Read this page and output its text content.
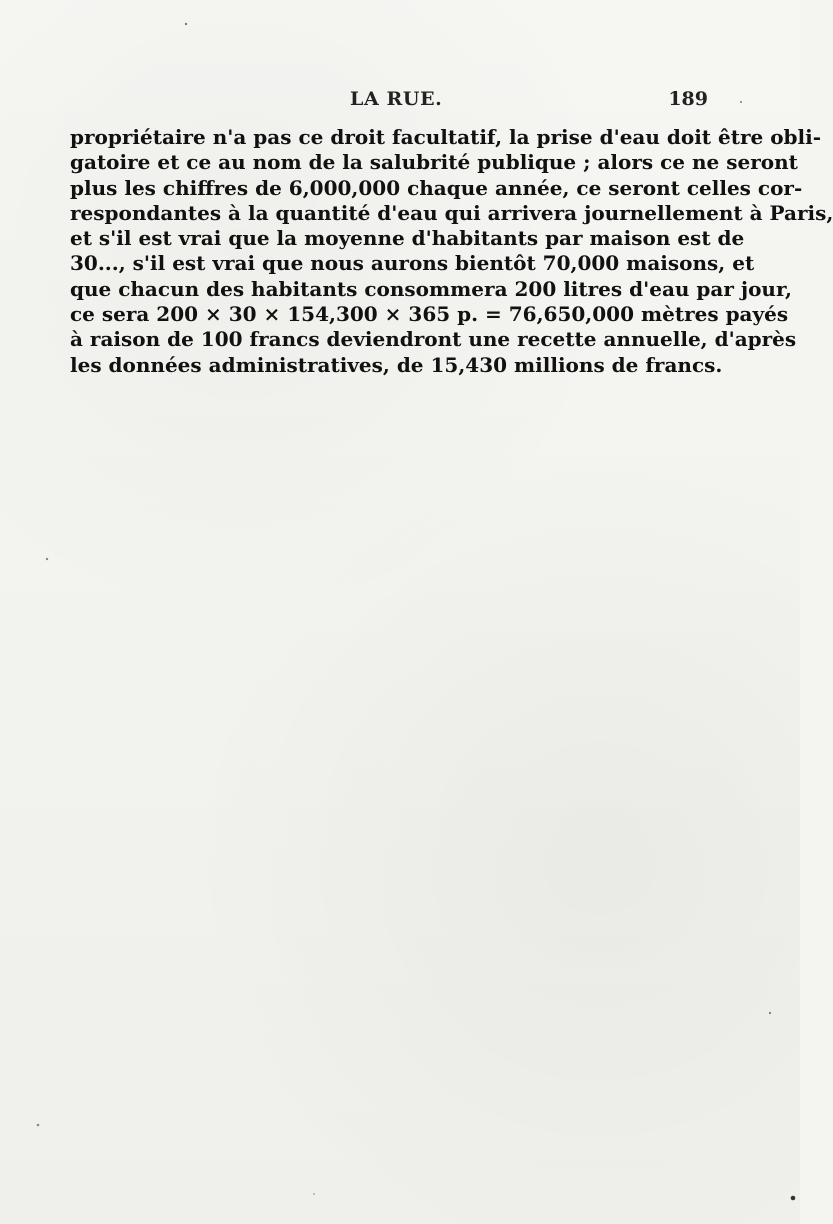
LA RUE.	189
propriétaire n'a pas ce droit facultatif, la prise d'eau doit être obli-
gatoire et ce au nom de la salubrité publique ; alors ce ne seront
plus les chiffres de 6,000,000 chaque année, ce seront celles cor-
respondantes à la quantité d'eau qui arrivera journellement à Paris,
et s'il est vrai que la moyenne d'habitants par maison est de
30..., s'il est vrai que nous aurons bientôt 70,000 maisons, et
que chacun des habitants consommera 200 litres d'eau par jour,
ce sera 200 ⨯ 30 ⨯ 154,300 ⨯ 365 p. = 76,650,000 mètres payés
à raison de 100 francs deviendront une recette annuelle, d'après
les données administratives, de 15,430 millions de francs.
